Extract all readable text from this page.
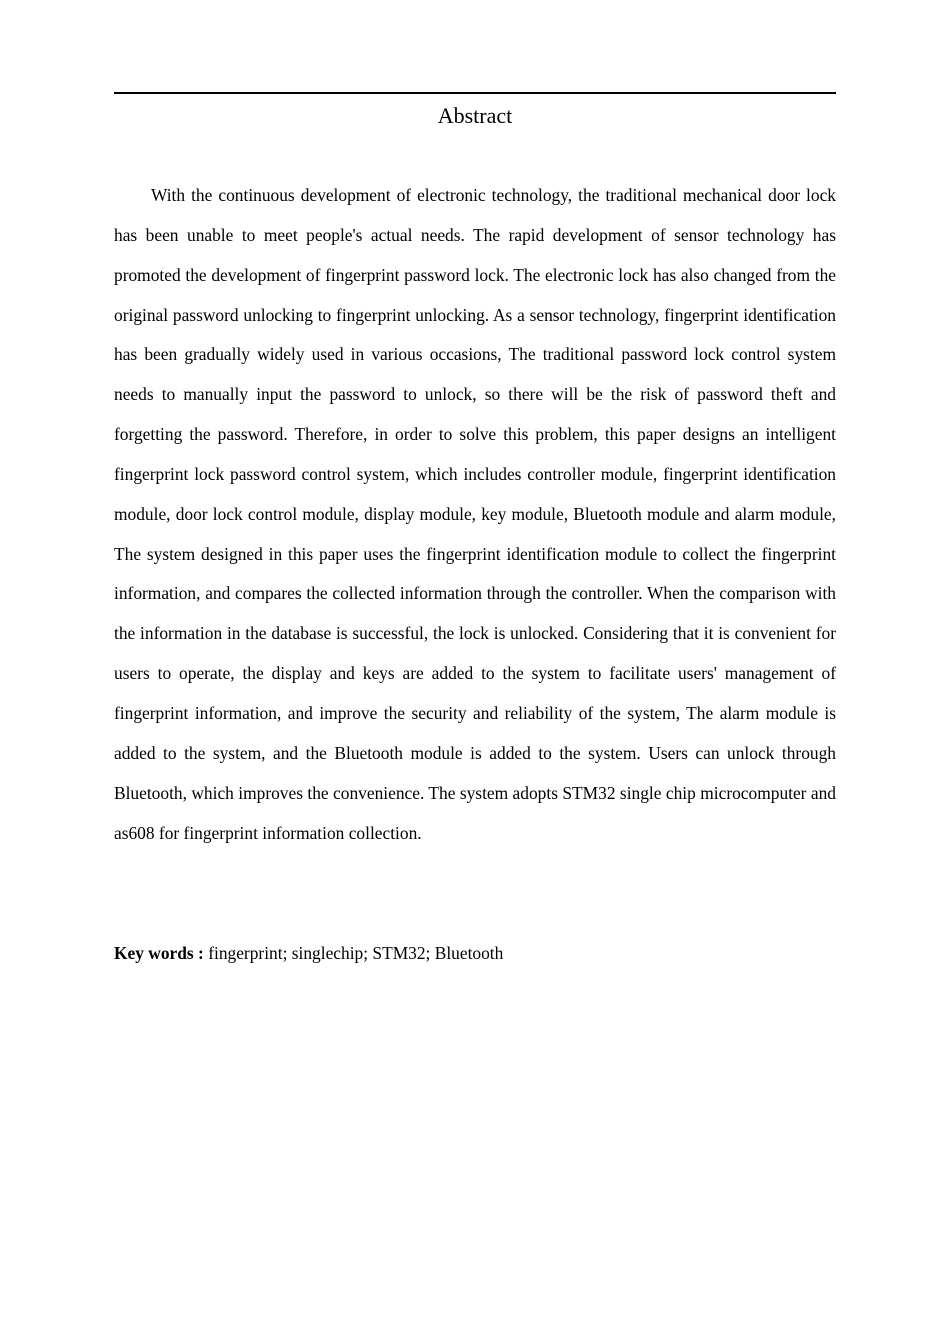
Abstract

With the continuous development of electronic technology, the traditional mechanical door lock has been unable to meet people's actual needs. The rapid development of sensor technology has promoted the development of fingerprint password lock. The electronic lock has also changed from the original password unlocking to fingerprint unlocking. As a sensor technology, fingerprint identification has been gradually widely used in various occasions, The traditional password lock control system needs to manually input the password to unlock, so there will be the risk of password theft and forgetting the password. Therefore, in order to solve this problem, this paper designs an intelligent fingerprint lock password control system, which includes controller module, fingerprint identification module, door lock control module, display module, key module, Bluetooth module and alarm module, The system designed in this paper uses the fingerprint identification module to collect the fingerprint information, and compares the collected information through the controller. When the comparison with the information in the database is successful, the lock is unlocked. Considering that it is convenient for users to operate, the display and keys are added to the system to facilitate users' management of fingerprint information, and improve the security and reliability of the system, The alarm module is added to the system, and the Bluetooth module is added to the system. Users can unlock through Bluetooth, which improves the convenience. The system adopts STM32 single chip microcomputer and as608 for fingerprint information collection.

Key words : fingerprint; singlechip; STM32; Bluetooth
